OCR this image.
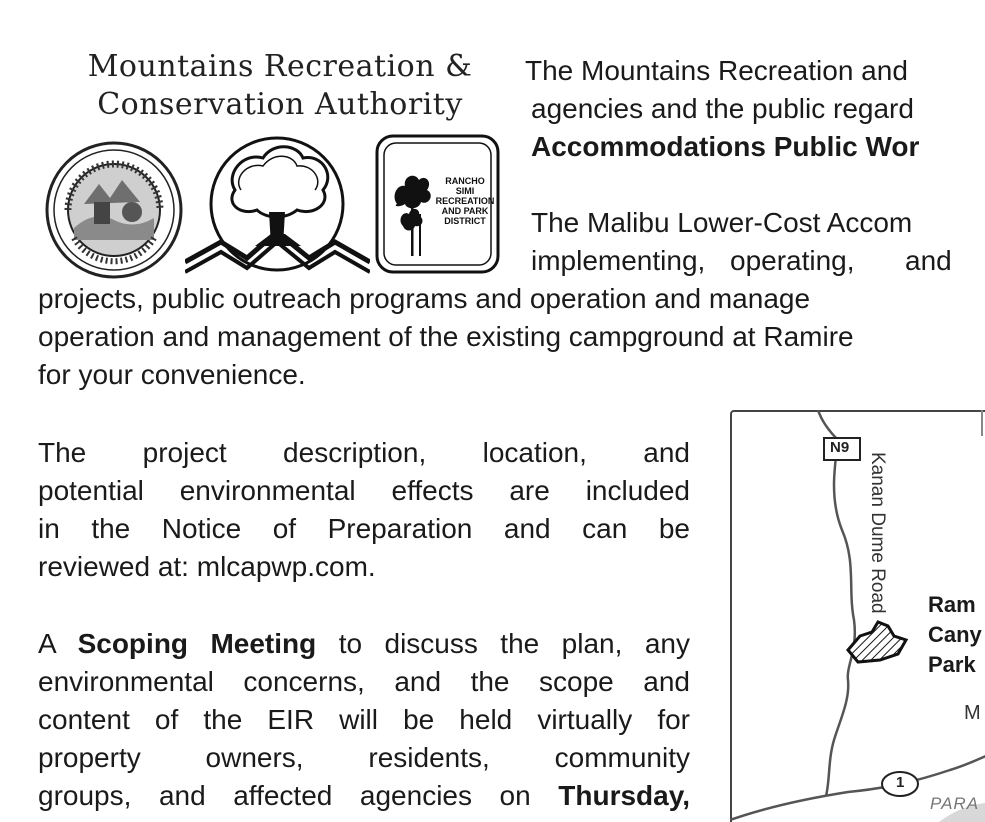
Mountains Recreation &
Conservation Authority
RANCHO
SIMI
RECREATION
AND PARK
DISTRICT
The Mountains Recreation and
agencies and the public regard
Accommodations Public Wor
The Malibu Lower-Cost Accom
implementing, operating, and
projects, public outreach programs and operation and manage
operation and management of the existing campground at Ramire
for your convenience.
The project description, location, and
potential environmental effects are included
in the Notice of Preparation and can be
reviewed at: mlcapwp.com.
A Scoping Meeting to discuss the plan, any
environmental concerns, and the scope and
content of the EIR will be held virtually for
property owners, residents, community
groups, and affected agencies on Thursday,
N9
1
Kanan Dume Road Ram
Cany
Park
M
PARA
